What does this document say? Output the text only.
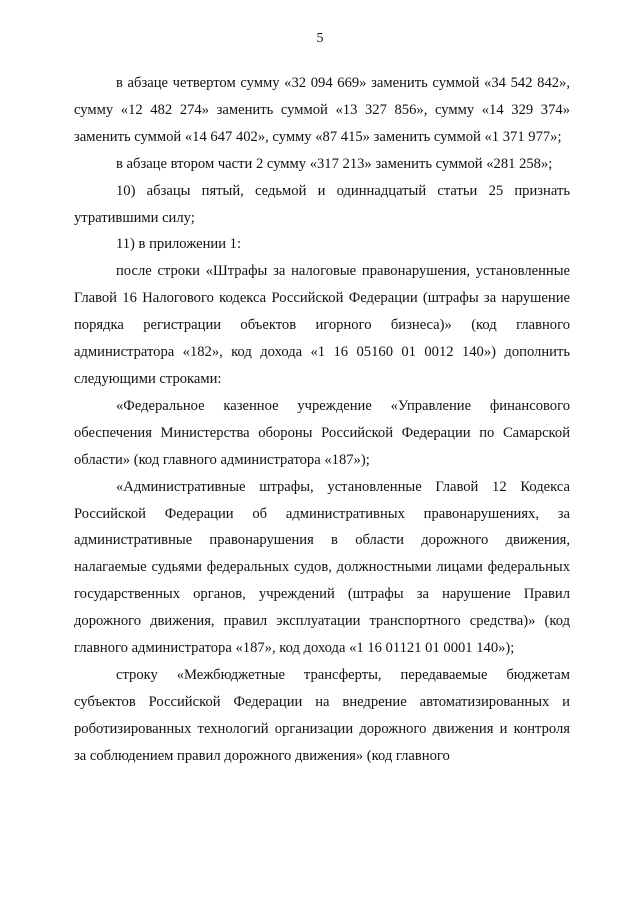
5

в абзаце четвертом сумму «32 094 669» заменить суммой «34 542 842», сумму «12 482 274» заменить суммой «13 327 856», сумму «14 329 374» заменить суммой «14 647 402», сумму «87 415» заменить суммой «1 371 977»;

в абзаце втором части 2 сумму «317 213» заменить суммой «281 258»;

10) абзацы пятый, седьмой и одиннадцатый статьи 25 признать утратившими силу;

11) в приложении 1:

после строки «Штрафы за налоговые правонарушения, установленные Главой 16 Налогового кодекса Российской Федерации (штрафы за нарушение порядка регистрации объектов игорного бизнеса)» (код главного администратора «182», код дохода «1 16 05160 01 0012 140») дополнить следующими строками:

«Федеральное казенное учреждение «Управление финансового обеспечения Министерства обороны Российской Федерации по Самарской области» (код главного администратора «187»);

«Административные штрафы, установленные Главой 12 Кодекса Российской Федерации об административных правонарушениях, за административные правонарушения в области дорожного движения, налагаемые судьями федеральных судов, должностными лицами федеральных государственных органов, учреждений (штрафы за нарушение Правил дорожного движения, правил эксплуатации транспортного средства)» (код главного администратора «187», код дохода «1 16 01121 01 0001 140»);

строку «Межбюджетные трансферты, передаваемые бюджетам субъектов Российской Федерации на внедрение автоматизированных и роботизированных технологий организации дорожного движения и контроля за соблюдением правил дорожного движения» (код главного
